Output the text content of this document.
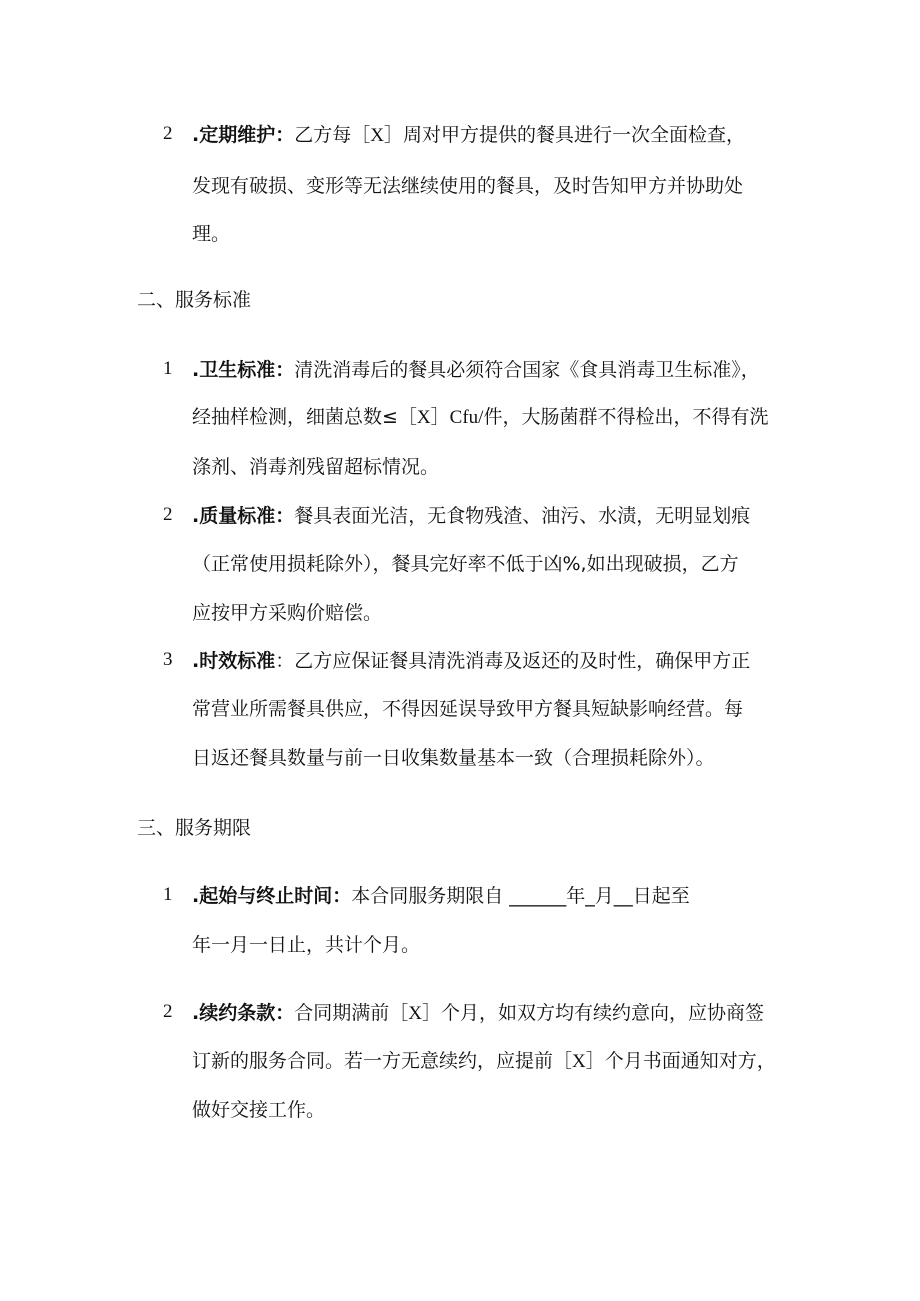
2 .定期维护：乙方每［X］周对甲方提供的餐具进行一次全面检查，
发现有破损、变形等无法继续使用的餐具，及时告知甲方并协助处
理。
二、服务标准
1 .卫生标准：清洗消毒后的餐具必须符合国家《食具消毒卫生标准》，
经抽样检测，细菌总数≤［X］Cfu/件，大肠菌群不得检出，不得有洗
涤剂、消毒剂残留超标情况。
2 .质量标准：餐具表面光洁，无食物残渣、油污、水渍，无明显划痕
（正常使用损耗除外），餐具完好率不低于凶%,如出现破损，乙方
应按甲方采购价赔偿。
3 .时效标准：乙方应保证餐具清洗消毒及返还的及时性，确保甲方正
常营业所需餐具供应，不得因延误导致甲方餐具短缺影响经营。每
日返还餐具数量与前一日收集数量基本一致（合理损耗除外）。
三、服务期限
1 .起始与终止时间：本合同服务期限自 ______年_月__日起至
年一月一日止，共计个月。
2 .续约条款：合同期满前［X］个月，如双方均有续约意向，应协商签
订新的服务合同。若一方无意续约，应提前［X］个月书面通知对方，
做好交接工作。
